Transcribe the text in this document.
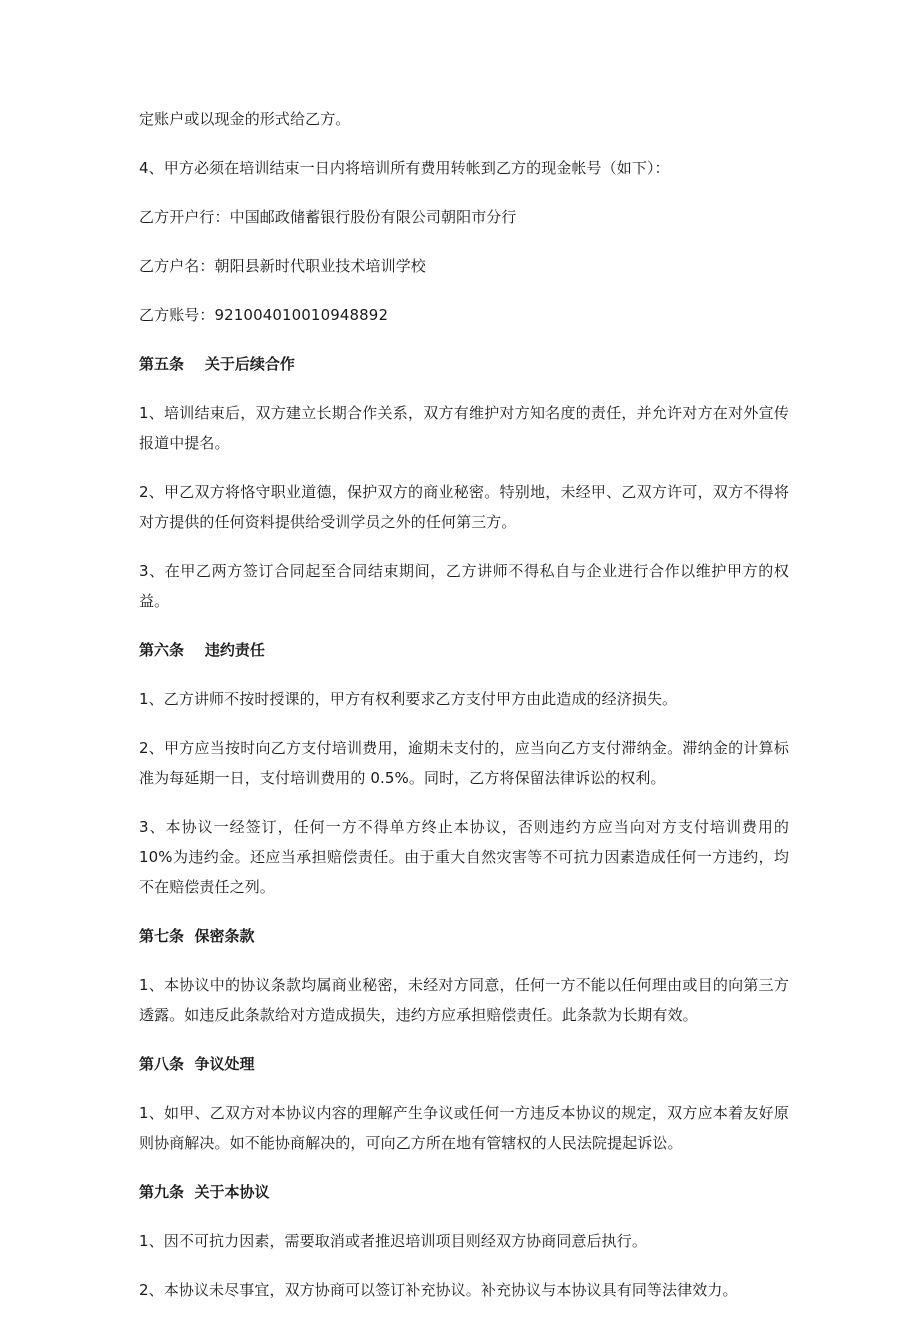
定账户或以现金的形式给乙方。

4、甲方必须在培训结束一日内将培训所有费用转帐到乙方的现金帐号（如下）：

乙方开户行：中国邮政储蓄银行股份有限公司朝阳市分行

乙方户名：朝阳县新时代职业技术培训学校

乙方账号：921004010010948892

第五条    关于后续合作

1、培训结束后，双方建立长期合作关系，双方有维护对方知名度的责任，并允许对方在对外宣传报道中提名。

2、甲乙双方将恪守职业道德，保护双方的商业秘密。特别地，未经甲、乙双方许可，双方不得将对方提供的任何资料提供给受训学员之外的任何第三方。

3、在甲乙两方签订合同起至合同结束期间，乙方讲师不得私自与企业进行合作以维护甲方的权益。

第六条    违约责任

1、乙方讲师不按时授课的，甲方有权利要求乙方支付甲方由此造成的经济损失。

2、甲方应当按时向乙方支付培训费用，逾期未支付的，应当向乙方支付滞纳金。滞纳金的计算标准为每延期一日，支付培训费用的 0.5%。同时，乙方将保留法律诉讼的权利。

3、本协议一经签订，任何一方不得单方终止本协议，否则违约方应当向对方支付培训费用的 10%为违约金。还应当承担赔偿责任。由于重大自然灾害等不可抗力因素造成任何一方违约，均不在赔偿责任之列。

第七条  保密条款

1、本协议中的协议条款均属商业秘密，未经对方同意，任何一方不能以任何理由或目的向第三方透露。如违反此条款给对方造成损失，违约方应承担赔偿责任。此条款为长期有效。

第八条  争议处理

1、如甲、乙双方对本协议内容的理解产生争议或任何一方违反本协议的规定，双方应本着友好原则协商解决。如不能协商解决的，可向乙方所在地有管辖权的人民法院提起诉讼。

第九条  关于本协议

1、因不可抗力因素，需要取消或者推迟培训项目则经双方协商同意后执行。

2、本协议未尽事宜，双方协商可以签订补充协议。补充协议与本协议具有同等法律效力。
